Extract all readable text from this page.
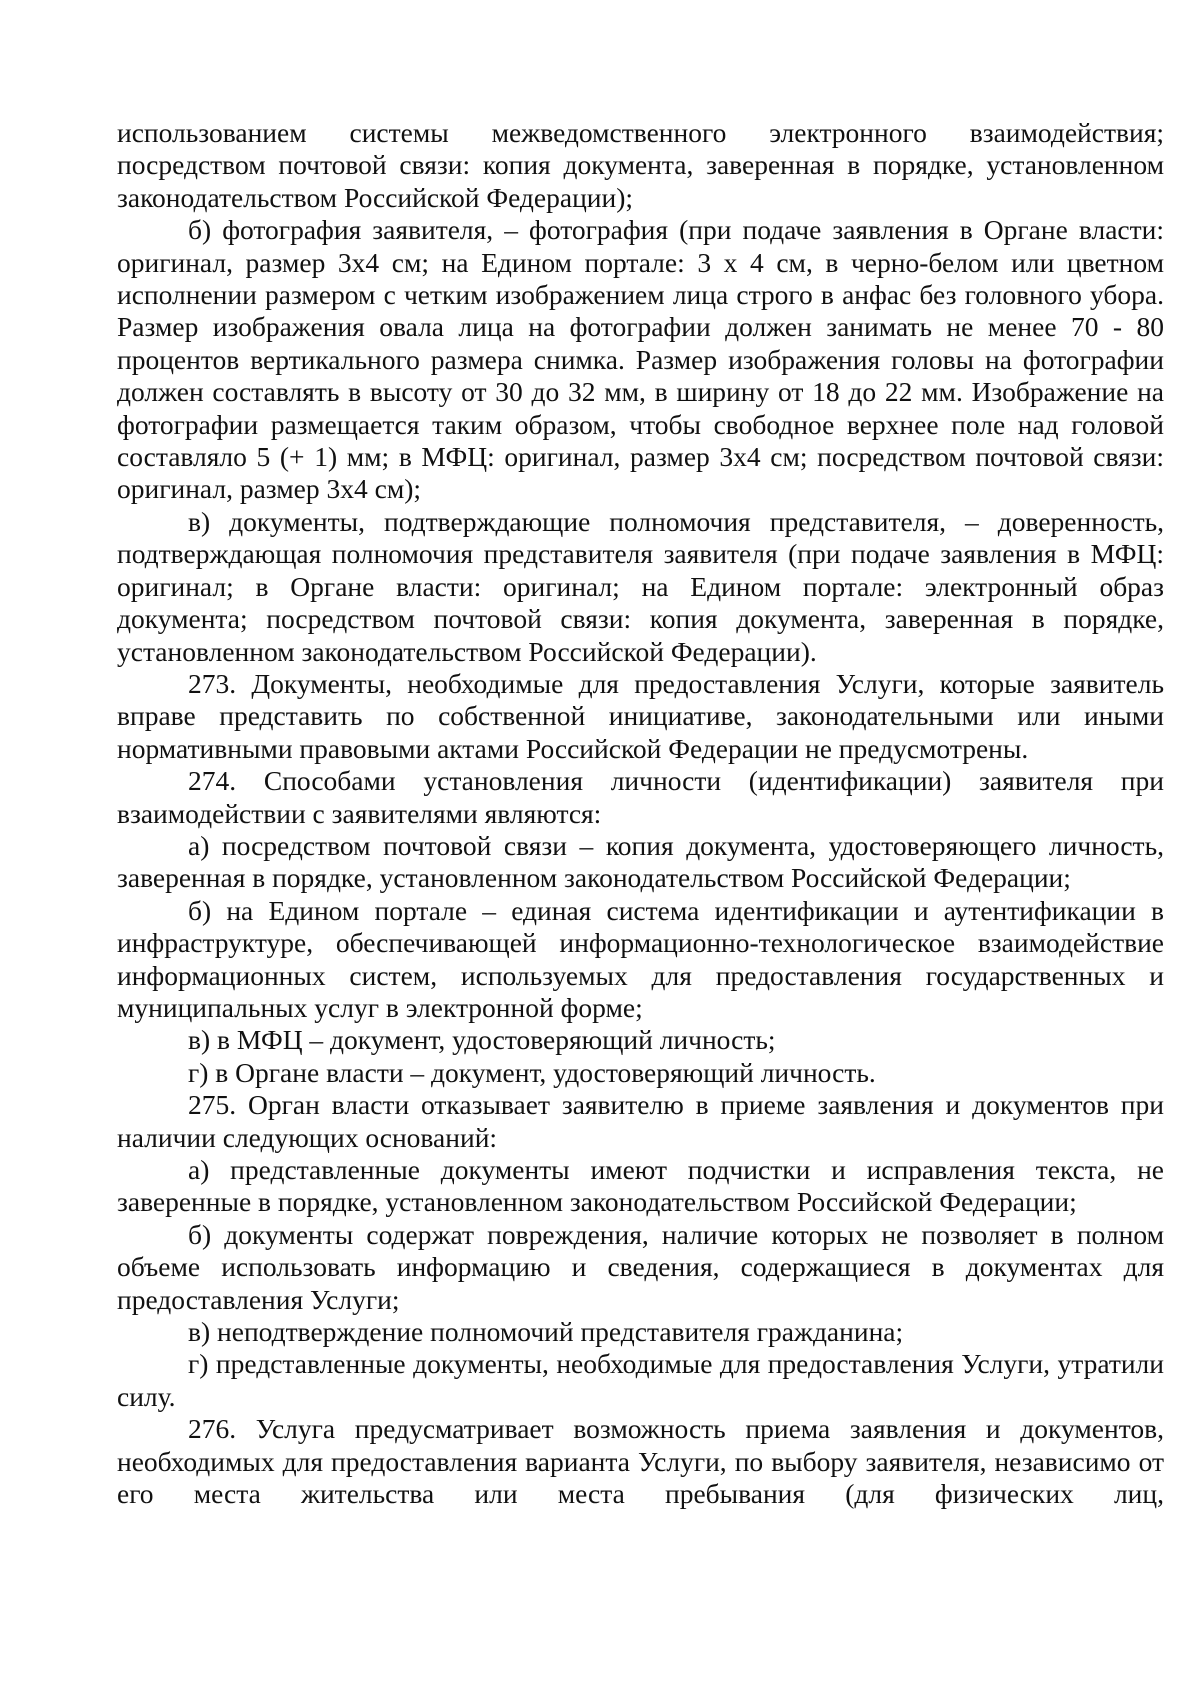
использованием системы межведомственного электронного взаимодействия; посредством почтовой связи: копия документа, заверенная в порядке, установленном законодательством Российской Федерации);

б) фотография заявителя, – фотография (при подаче заявления в Органе власти: оригинал, размер 3х4 см; на Едином портале: 3 х 4 см, в черно-белом или цветном исполнении размером с четким изображением лица строго в анфас без головного убора. Размер изображения овала лица на фотографии должен занимать не менее 70 - 80 процентов вертикального размера снимка. Размер изображения головы на фотографии должен составлять в высоту от 30 до 32 мм, в ширину от 18 до 22 мм. Изображение на фотографии размещается таким образом, чтобы свободное верхнее поле над головой составляло 5 (+ 1) мм; в МФЦ: оригинал, размер 3х4 см; посредством почтовой связи: оригинал, размер 3х4 см);

в) документы, подтверждающие полномочия представителя, – доверенность, подтверждающая полномочия представителя заявителя (при подаче заявления в МФЦ: оригинал; в Органе власти: оригинал; на Едином портале: электронный образ документа; посредством почтовой связи: копия документа, заверенная в порядке, установленном законодательством Российской Федерации).

273. Документы, необходимые для предоставления Услуги, которые заявитель вправе представить по собственной инициативе, законодательными или иными нормативными правовыми актами Российской Федерации не предусмотрены.

274. Способами установления личности (идентификации) заявителя при взаимодействии с заявителями являются:

а) посредством почтовой связи – копия документа, удостоверяющего личность, заверенная в порядке, установленном законодательством Российской Федерации;

б) на Едином портале – единая система идентификации и аутентификации в инфраструктуре, обеспечивающей информационно-технологическое взаимодействие информационных систем, используемых для предоставления государственных и муниципальных услуг в электронной форме;

в) в МФЦ – документ, удостоверяющий личность;

г) в Органе власти – документ, удостоверяющий личность.

275. Орган власти отказывает заявителю в приеме заявления и документов при наличии следующих оснований:

а) представленные документы имеют подчистки и исправления текста, не заверенные в порядке, установленном законодательством Российской Федерации;

б) документы содержат повреждения, наличие которых не позволяет в полном объеме использовать информацию и сведения, содержащиеся в документах для предоставления Услуги;

в) неподтверждение полномочий представителя гражданина;

г) представленные документы, необходимые для предоставления Услуги, утратили силу.

276. Услуга предусматривает возможность приема заявления и документов, необходимых для предоставления варианта Услуги, по выбору заявителя, независимо от его места жительства или места пребывания (для физических лиц,
